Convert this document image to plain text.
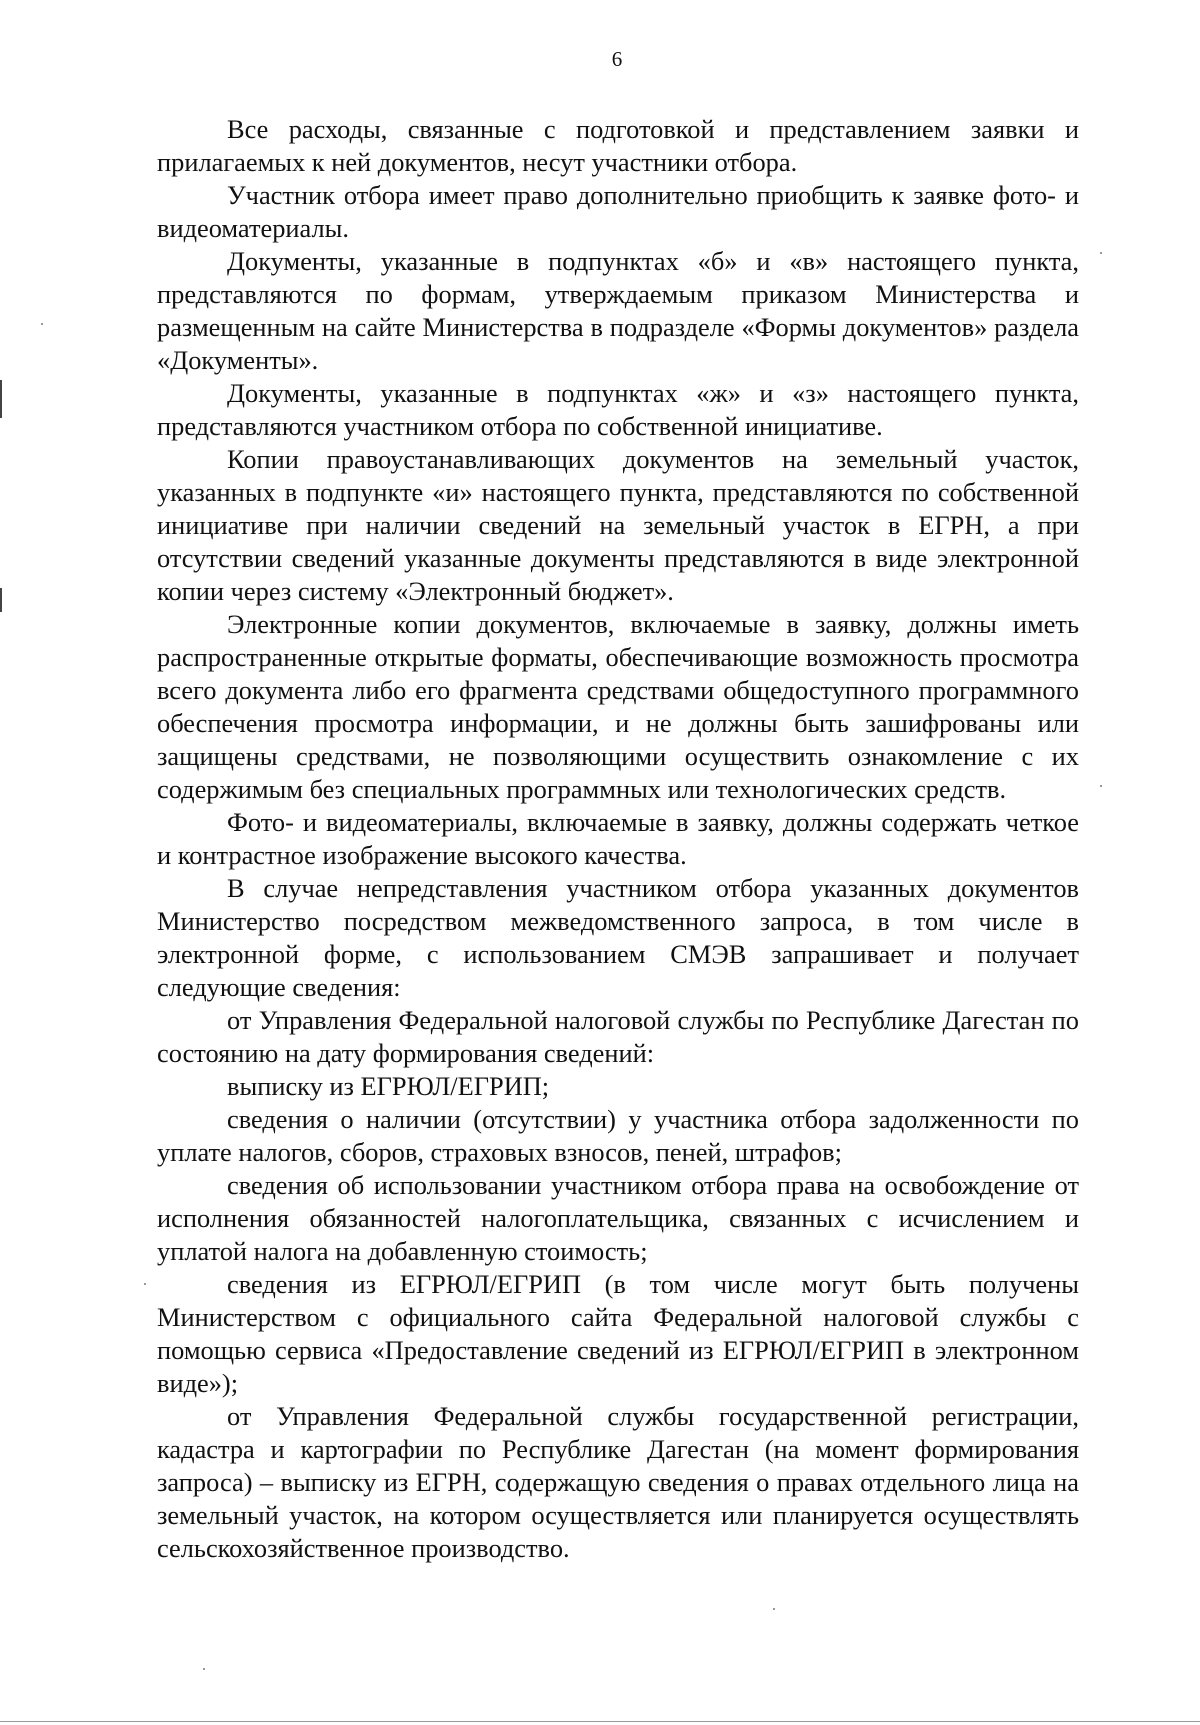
6

Все расходы, связанные с подготовкой и представлением заявки и прилагаемых к ней документов, несут участники отбора.

Участник отбора имеет право дополнительно приобщить к заявке фото- и видеоматериалы.

Документы, указанные в подпунктах «б» и «в» настоящего пункта, представляются по формам, утверждаемым приказом Министерства и размещенным на сайте Министерства в подразделе «Формы документов» раздела «Документы».

Документы, указанные в подпунктах «ж» и «з» настоящего пункта, представляются участником отбора по собственной инициативе.

Копии правоустанавливающих документов на земельный участок, указанных в подпункте «и» настоящего пункта, представляются по собственной инициативе при наличии сведений на земельный участок в ЕГРН, а при отсутствии сведений указанные документы представляются в виде электронной копии через систему «Электронный бюджет».

Электронные копии документов, включаемые в заявку, должны иметь распространенные открытые форматы, обеспечивающие возможность просмотра всего документа либо его фрагмента средствами общедоступного программного обеспечения просмотра информации, и не должны быть зашифрованы или защищены средствами, не позволяющими осуществить ознакомление с их содержимым без специальных программных или технологических средств.

Фото- и видеоматериалы, включаемые в заявку, должны содержать четкое и контрастное изображение высокого качества.

В случае непредставления участником отбора указанных документов Министерство посредством межведомственного запроса, в том числе в электронной форме, с использованием СМЭВ запрашивает и получает следующие сведения:

от Управления Федеральной налоговой службы по Республике Дагестан по состоянию на дату формирования сведений:

выписку из ЕГРЮЛ/ЕГРИП;

сведения о наличии (отсутствии) у участника отбора задолженности по уплате налогов, сборов, страховых взносов, пеней, штрафов;

сведения об использовании участником отбора права на освобождение от исполнения обязанностей налогоплательщика, связанных с исчислением и уплатой налога на добавленную стоимость;

сведения из ЕГРЮЛ/ЕГРИП (в том числе могут быть получены Министерством с официального сайта Федеральной налоговой службы с помощью сервиса «Предоставление сведений из ЕГРЮЛ/ЕГРИП в электронном виде»);

от Управления Федеральной службы государственной регистрации, кадастра и картографии по Республике Дагестан (на момент формирования запроса) – выписку из ЕГРН, содержащую сведения о правах отдельного лица на земельный участок, на котором осуществляется или планируется осуществлять сельскохозяйственное производство.
